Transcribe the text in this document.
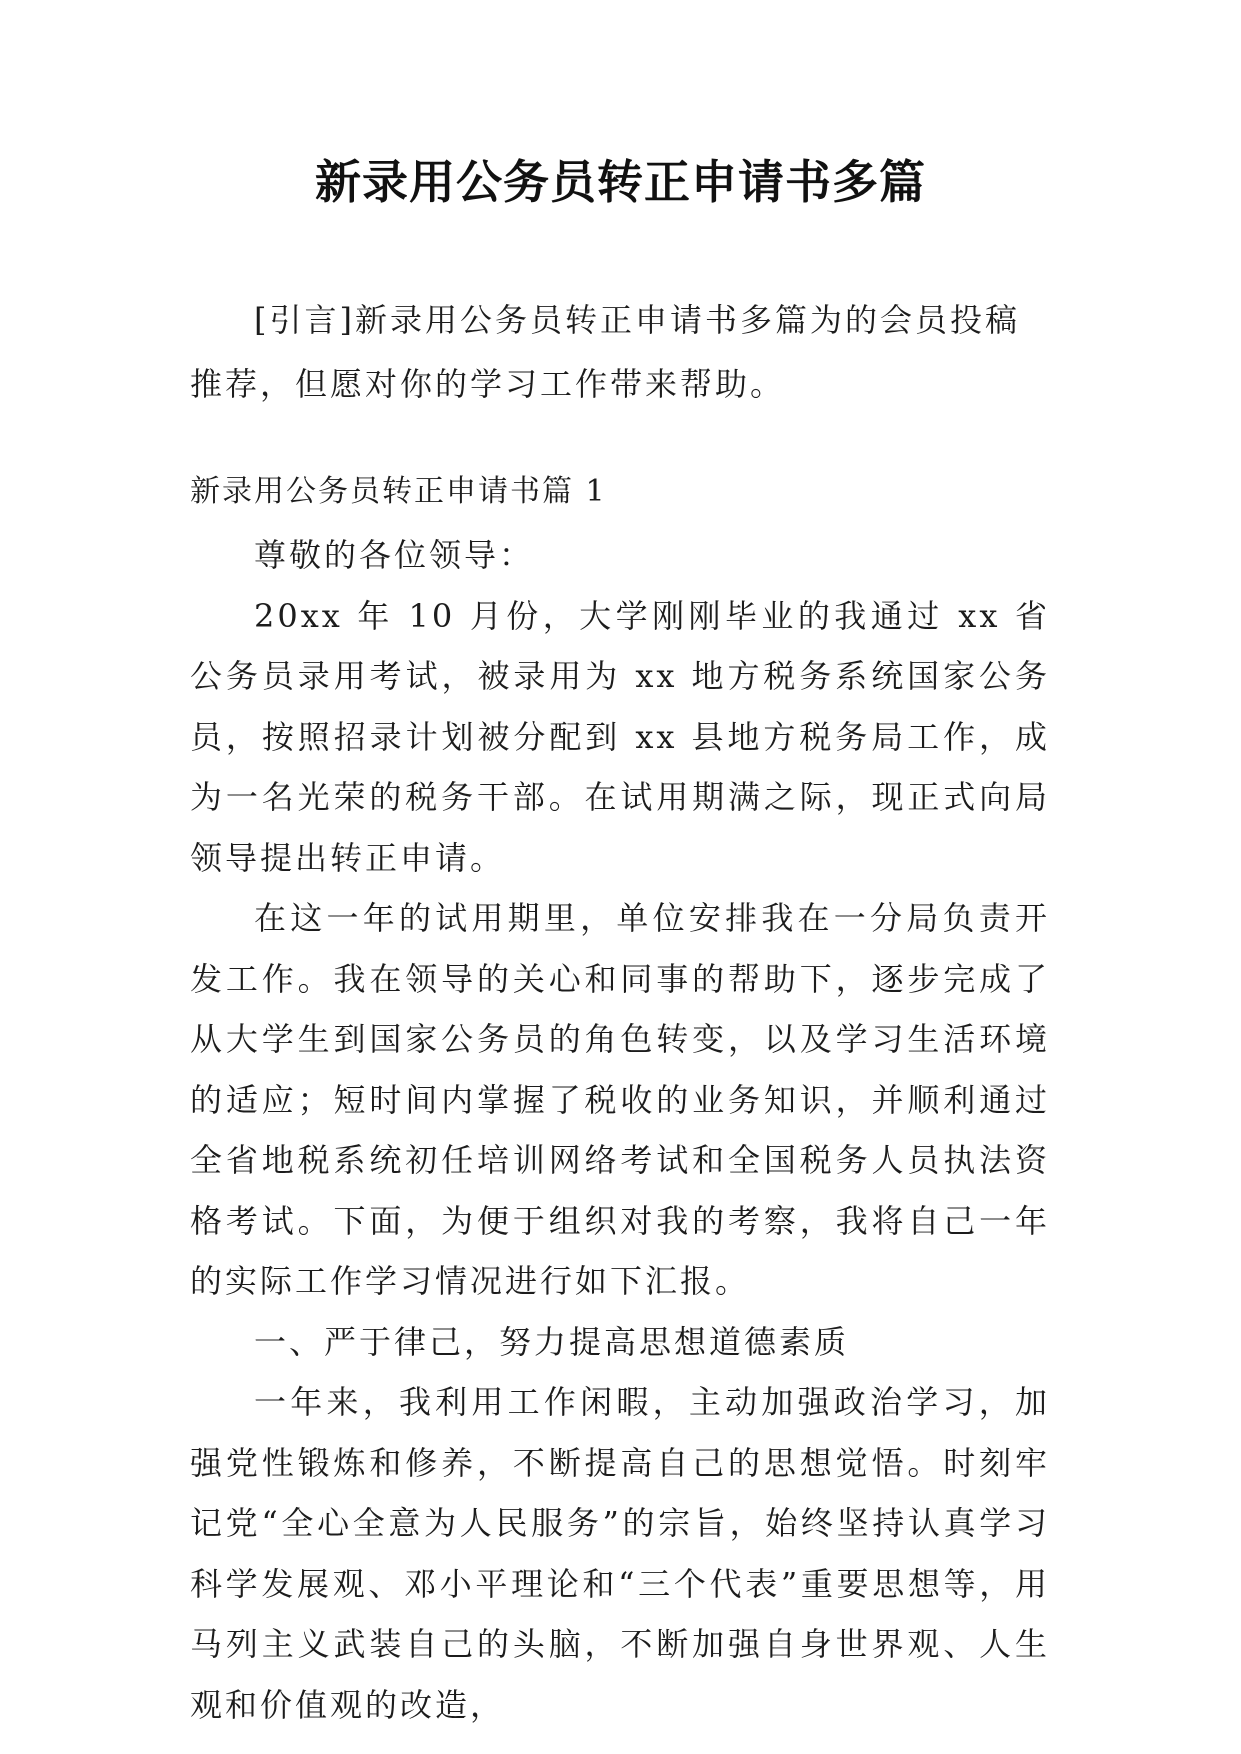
新录用公务员转正申请书多篇
[引言]新录用公务员转正申请书多篇为的会员投稿推荐，但愿对你的学习工作带来帮助。
新录用公务员转正申请书篇 1

尊敬的各位领导：

20xx 年 10 月份，大学刚刚毕业的我通过 xx 省公务员录用考试，被录用为 xx 地方税务系统国家公务员，按照招录计划被分配到 xx 县地方税务局工作，成为一名光荣的税务干部。在试用期满之际，现正式向局领导提出转正申请。

在这一年的试用期里，单位安排我在一分局负责开发工作。我在领导的关心和同事的帮助下，逐步完成了从大学生到国家公务员的角色转变，以及学习生活环境的适应；短时间内掌握了税收的业务知识，并顺利通过全省地税系统初任培训网络考试和全国税务人员执法资格考试。下面，为便于组织对我的考察，我将自己一年的实际工作学习情况进行如下汇报。

一、严于律己，努力提高思想道德素质

一年来，我利用工作闲暇，主动加强政治学习，加强党性锻炼和修养，不断提高自己的思想觉悟。时刻牢记党“全心全意为人民服务”的宗旨，始终坚持认真学习科学发展观、邓小平理论和“三个代表”重要思想等，用马列主义武装自己的头脑，不断加强自身世界观、人生观和价值观的改造，
